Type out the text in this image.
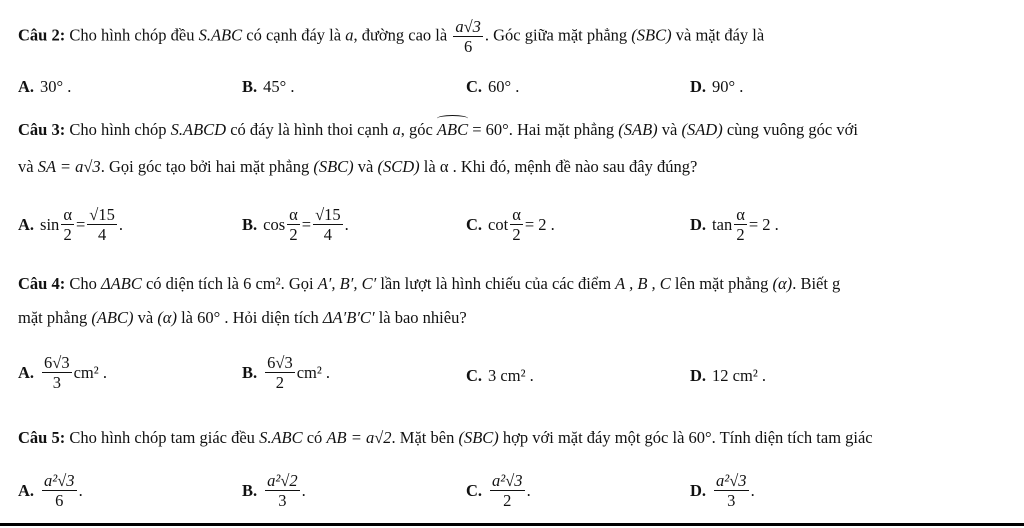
Câu 2: Cho hình chóp đều S.ABC có cạnh đáy là a, đường cao là $\frac{a√3}{6}$ . Góc giữa mặt phẳng (SBC) và mặt đáy là
A. 30° .	B. 45° .	C. 60° .	D. 90° .
Câu 3: Cho hình chóp S.ABCD có đáy là hình thoi cạnh a, góc ABC = 60°. Hai mặt phẳng (SAB) và (SAD) cùng vuông góc với
và SA = a√3. Gọi góc tạo bởi hai mặt phẳng (SBC) và (SCD) là α . Khi đó, mệnh đề nào sau đây đúng?
A. $\sin \frac{\alpha}{2} = \frac{√15}{4}$ .	B. $\cos \frac{\alpha}{2} = \frac{√15}{4}$ .	C. $\cot \frac{\alpha}{2} = 2$ .	D. $\tan \frac{\alpha}{2} = 2$ .
Câu 4: Cho ΔABC có diện tích là 6 cm². Gọi A′, B′, C′ lần lượt là hình chiếu của các điểm A , B , C lên mặt phẳng (α). Biết g
mặt phẳng (ABC) và (α) là 60° . Hỏi diện tích ΔA′B′C′ là bao nhiêu?
A. $\frac{6√3}{3} cm^2$ .	B. $\frac{6√3}{2} cm^2$ .	C. 3 cm² .	D. 12 cm² .
Câu 5: Cho hình chóp tam giác đều S.ABC có AB = a√2. Mặt bên (SBC) hợp với mặt đáy một góc là 60°. Tính diện tích tam giác
A. $\frac{\text{a²√3}}{6}$ .	B. $\frac{\text{a²√2}}{3}$ .	C. $\frac{\text{a²√3}}{2}$ .	D. $\frac{\text{a²√3}}{3}$ .
